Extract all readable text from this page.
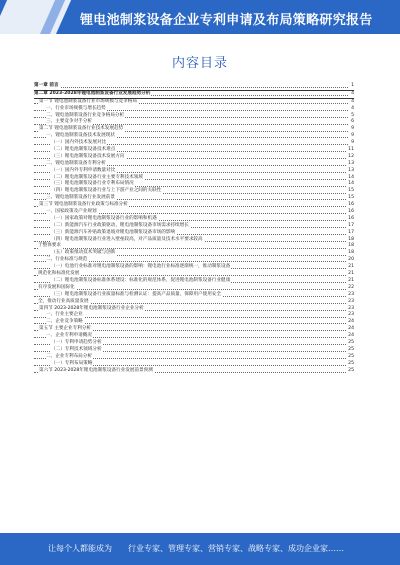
锂电池制浆设备企业专利申请及布局策略研究报告
内容目录
第一章 前言	1
第二章 2023-2028年锂电池制浆设备行业发展趋势分析	4
第一节 锂电池制浆设备行业市场规模与竞争格局	4
一、行业市场规模与增长趋势	4
二、锂电池制浆设备行业竞争格局分析	5
三、主要竞争对手分析	6
第二节 锂电池制浆设备行业技术发展趋势	9
一、锂电池制浆设备技术发展现状	9
（一）国内外技术发展对比	9
（二）锂电池制浆设备技术难点	11
（三）锂电池制浆设备技术发展方向	12
二、锂电池制浆设备专利分析	13
（一）国内外专利申请数量对比	13
（二）锂电池制浆设备行业主要专利技术领域	14
（三）锂电池制浆设备行业专利布局情况	14
（四）锂电池制浆设备行业与上下游产业之间的关联性	15
三、锂电池制浆设备行业发展前景	15
第三节 锂电池制浆设备行业政策与标准分析	16
一、国家政策及产业规划	16
（一）国家政策对锂电池制浆设备行业的影响和机遇	16
（二）新能源汽车行业政策驱动，锂电池制浆设备市场需求持续增长	17
（三）新能源汽车补贴政策退坡对锂电池制浆设备市场的影响	17
（四）锂电池制浆设备行业进入壁垒较高，对产品质量及技术水平要求较高	18
于整体要求	18
（五）政策推动技术突破与创新	18
二、行业标准与规范	20
（一）电池行业标准对锂电池制浆设备的影响：锂电池行业标准逐渐统一，推动制浆设备	21
规范化和标准化发展	21
（二）锂电池制浆设备标准体系建设：标准化的规范体系，促进锂电池制浆设备行业健康	21
有序发展和国际化	22
（三）锂电池制浆设备行业质量标准与检测认证：提高产品质量，保障用户使用安全	23
全，推动行业高质量发展	23
第四节 2023-2028年锂电池制浆设备行业企业分析	23
一、行业主要企业	23
二、企业竞争策略	24
第五节 主要企业专利分析	24
一、企业专利申请概况	24
（一）专利申请趋势分析	25
（二）专利技术领域分析	25
二、企业专利布局分析	25
（一）专利布局策略	25
第六节 2023-2028年锂电池制浆设备行业发展前景预测	25
让每个人都能成为 行业专家、管理专家、营销专家、战略专家、成功企业家……
